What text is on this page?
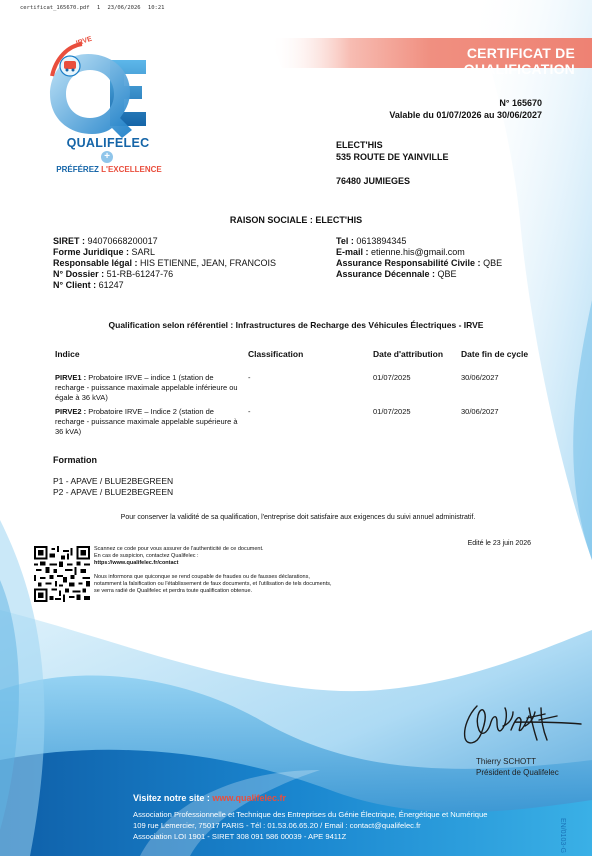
certificat_165670.pdf 1 23/06/2026 10:21
IRVE
QUALIFELEC
+
PRÉFÉREZ L'EXCELLENCE
CERTIFICAT DE QUALIFICATION
N° 165670
Valable du 01/07/2026 au 30/06/2027
ELECT'HIS
535 ROUTE DE YAINVILLE
76480 JUMIEGES
RAISON SOCIALE : ELECT'HIS
SIRET : 94070668200017
Forme Juridique : SARL
Responsable légal : HIS ETIENNE, JEAN, FRANCOIS
N° Dossier : 51-RB-61247-76
N° Client : 61247
Tel : 0613894345
E-mail : etienne.his@gmail.com
Assurance Responsabilité Civile : QBE
Assurance Décennale : QBE
Qualification selon référentiel : Infrastructures de Recharge des Véhicules Électriques - IRVE
Indice	Classification	Date d'attribution	Date fin de cycle
PIRVE1 : Probatoire IRVE – indice 1 (station de recharge - puissance maximale appelable inférieure ou égale à 36 kVA)
-	01/07/2025	30/06/2027
PIRVE2 : Probatoire IRVE – Indice 2 (station de recharge - puissance maximale appelable supérieure à 36 kVA)
-	01/07/2025	30/06/2027
Formation
P1 - APAVE / BLUE2BEGREEN
P2 - APAVE / BLUE2BEGREEN
Pour conserver la validité de sa qualification, l'entreprise doit satisfaire aux exigences du suivi annuel administratif.
Edité le 23 juin 2026
Scannez ce code pour vous assurer de l'authenticité de ce document.
En cas de suspicion, contactez Qualifelec :
https://www.qualifelec.fr/contact
Nous informons que quiconque se rend coupable de fraudes ou de fausses déclarations,
notamment la falsification ou l'établissement de faux documents, et l'utilisation de tels documents,
se verra radié de Qualifelec et perdra toute qualification obtenue.
Thierry SCHOTT
Président de Qualifelec
Visitez notre site : www.qualifelec.fr
Association Professionnelle et Technique des Entreprises du Génie Électrique, Énergétique et Numérique
109 rue Lemercier, 75017 PARIS - Tél : 01.53.06.65.20 / Email : contact@qualifelec.fr
Association LOI 1901 - SIRET 308 091 586 00039 - APE 9411Z	EN/0103-G
